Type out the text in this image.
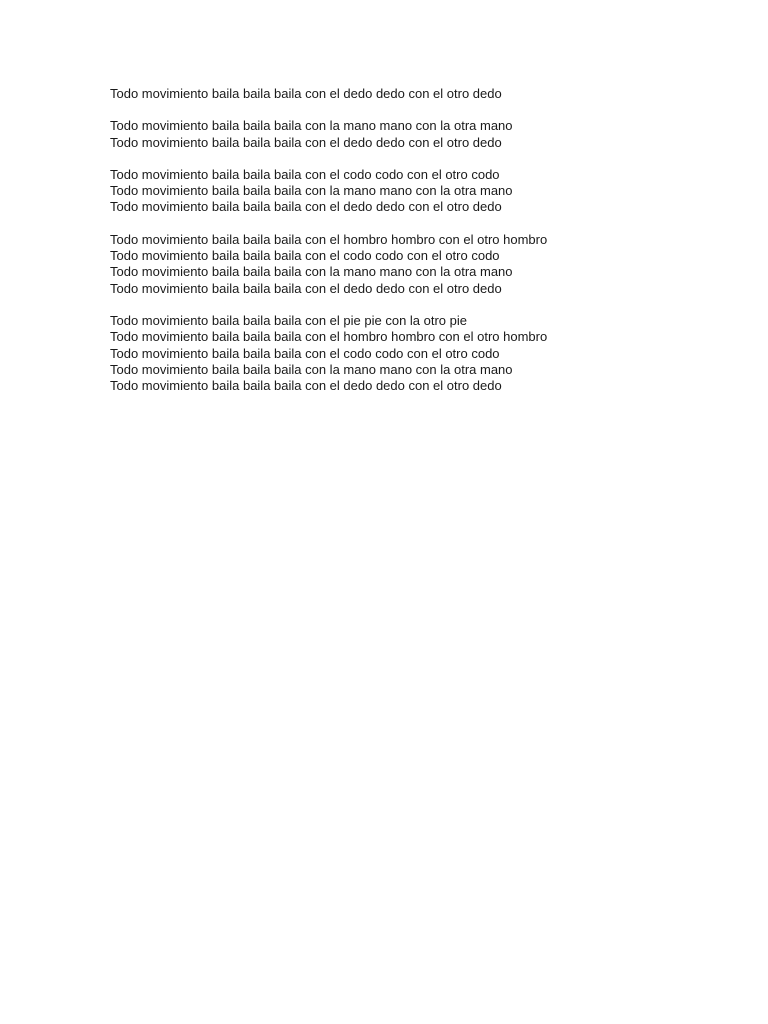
Todo movimiento baila baila baila con el dedo dedo con el otro dedo

Todo movimiento baila baila baila con la mano mano con la otra mano
Todo movimiento baila baila baila con el dedo dedo con el otro dedo

Todo movimiento baila baila baila con el codo codo con el otro codo
Todo movimiento baila baila baila con la mano mano con la otra mano
Todo movimiento baila baila baila con el dedo dedo con el otro dedo

Todo movimiento baila baila baila con el hombro hombro con el otro hombro
Todo movimiento baila baila baila con el codo codo con el otro codo
Todo movimiento baila baila baila con la mano mano con la otra mano
Todo movimiento baila baila baila con el dedo dedo con el otro dedo

Todo movimiento baila baila baila con el pie pie con la otro pie
Todo movimiento baila baila baila con el hombro hombro con el otro hombro
Todo movimiento baila baila baila con el codo codo con el otro codo
Todo movimiento baila baila baila con la mano mano con la otra mano
Todo movimiento baila baila baila con el dedo dedo con el otro dedo
